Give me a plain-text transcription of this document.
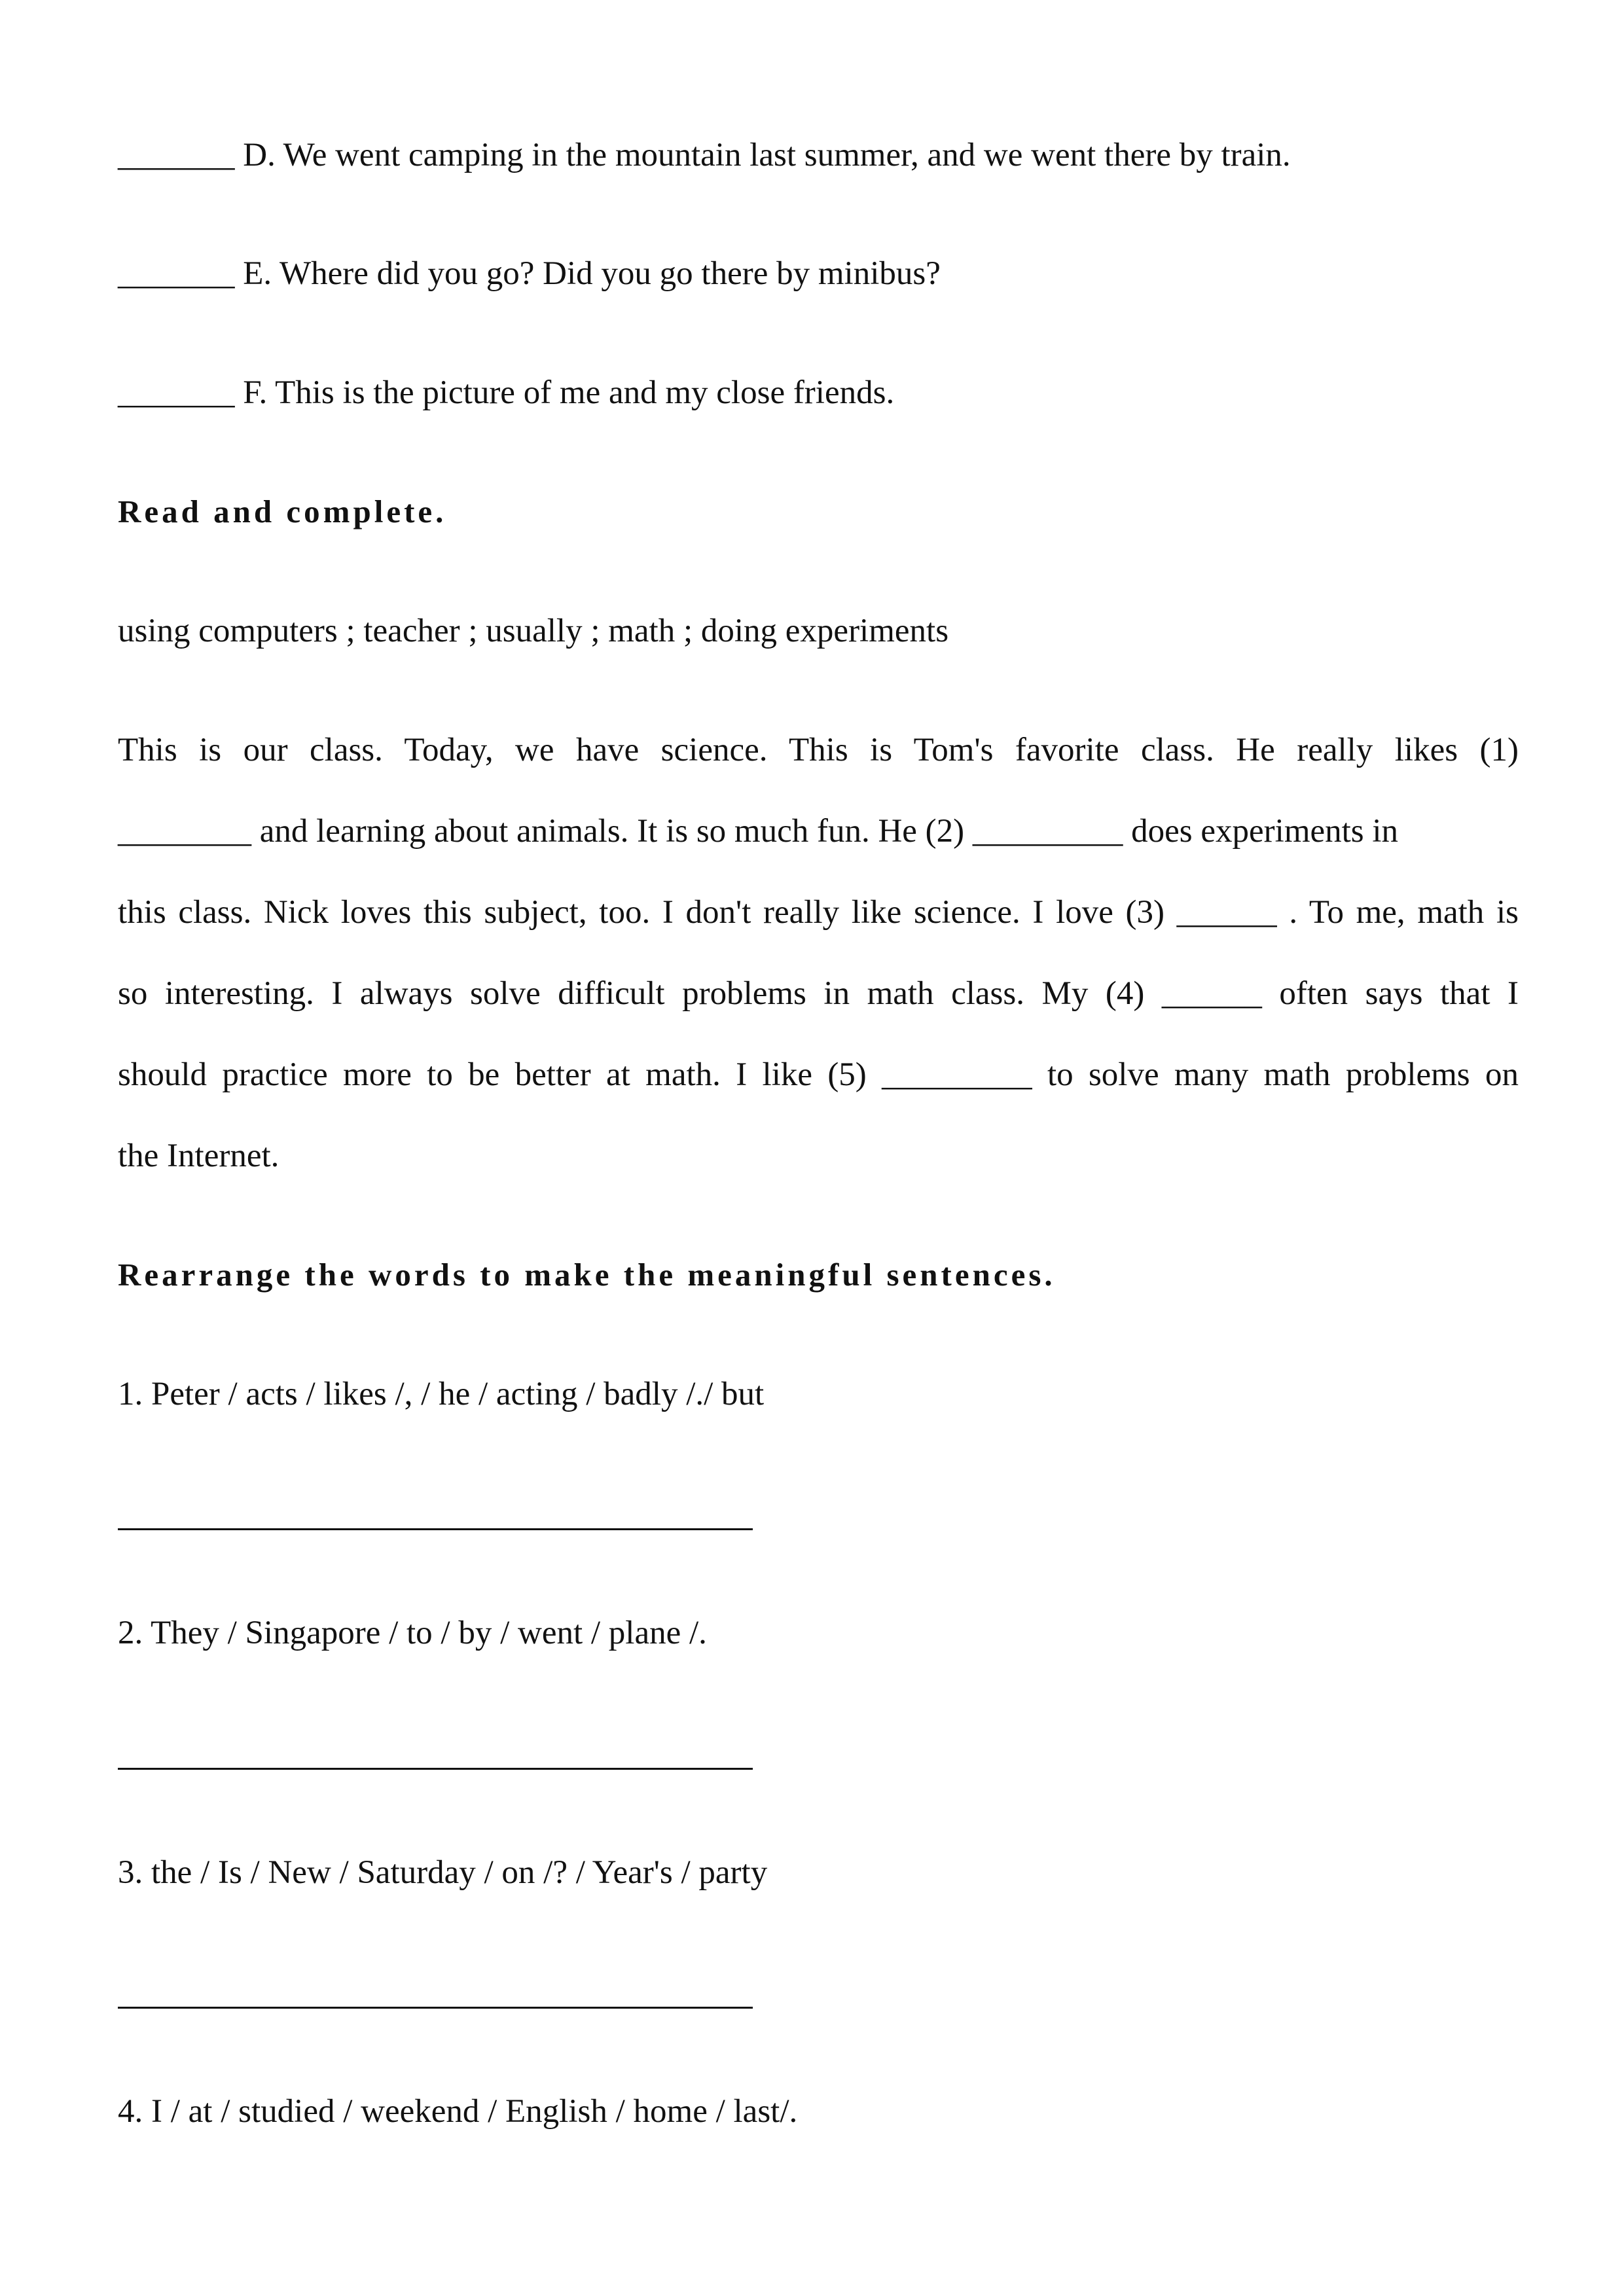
_______ D. We went camping in the mountain last summer, and we went there by train.
_______ E. Where did you go? Did you go there by minibus?
_______ F. This is the picture of me and my close friends.
Read and complete.
using computers ; teacher ; usually ; math ; doing experiments
This is our class. Today, we have science. This is Tom's favorite class. He really likes (1)
________ and learning about animals. It is so much fun. He (2) _________ does experiments in
this class. Nick loves this subject, too. I don't really like science. I love (3) ______ . To me, math is
so interesting. I always solve difficult problems in math class. My (4) ______ often says that I
should practice more to be better at math. I like (5) _________ to solve many math problems on
the Internet.
Rearrange the words to make the meaningful sentences.
1. Peter / acts / likes /, / he / acting / badly /./ but
2. They / Singapore / to / by / went / plane /.
3. the / Is / New / Saturday / on /? / Year's / party
4. I / at / studied / weekend / English / home / last/.
